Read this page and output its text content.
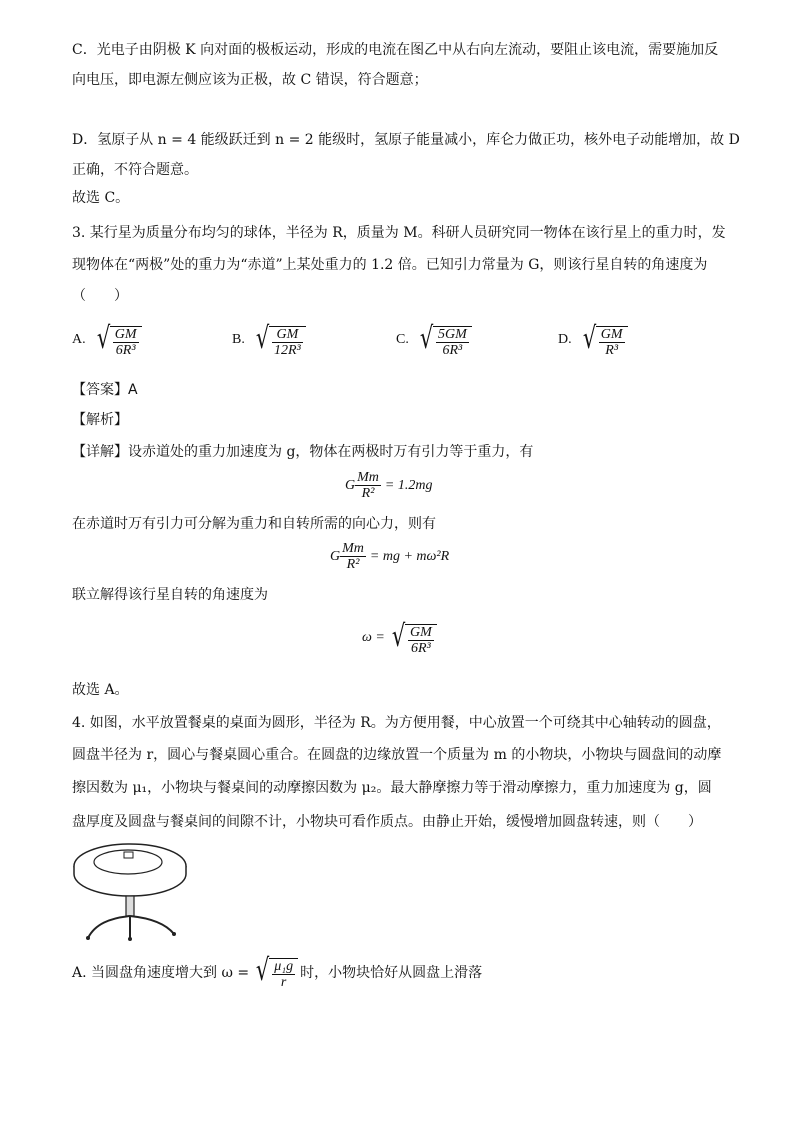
C．光电子由阴极 K 向对面的极板运动，形成的电流在图乙中从右向左流动，要阻止该电流，需要施加反
向电压，即电源左侧应该为正极，故 C 错误，符合题意；
D．氢原子从 n = 4 能级跃迁到 n = 2 能级时，氢原子能量减小，库仑力做正功，核外电子动能增加，故 D
正确，不符合题意。
故选 C。
3. 某行星为质量分布均匀的球体，半径为 R，质量为 M。科研人员研究同一物体在该行星上的重力时，发
现物体在“两极”处的重力为“赤道”上某处重力的 1.2 倍。已知引力常量为 G，则该行星自转的角速度为
（　　）
A. √ $\frac{GM}{\text{6R³}}$	B. √ $\frac{GM}{\text{12R³}}$	C. √ $\frac{5GM}{\text{6R³}}$	D. √ $\frac{GM}{\text{R³}}$
【答案】A
【解析】
【详解】设赤道处的重力加速度为 g，物体在两极时万有引力等于重力，有
G $\frac{Mm}{\text{R²}} = 1.2mg$
在赤道时万有引力可分解为重力和自转所需的向心力，则有
G $\frac{Mm}{\text{R²}}$ = mg + mω²R
联立解得该行星自转的角速度为
ω = √ $\frac{GM}{\text{6R³}}$
故选 A。
4. 如图，水平放置餐桌的桌面为圆形，半径为 R。为方便用餐，中心放置一个可绕其中心轴转动的圆盘，
圆盘半径为 r，圆心与餐桌圆心重合。在圆盘的边缘放置一个质量为 m 的小物块，小物块与圆盘间的动摩
擦因数为 μ₁，小物块与餐桌间的动摩擦因数为 μ₂。最大静摩擦力等于滑动摩擦力，重力加速度为 g，圆
盘厚度及圆盘与餐桌间的间隙不计，小物块可看作质点。由静止开始，缓慢增加圆盘转速，则（　　）
A. 当圆盘角速度增大到 ω = √ $\frac{\text{μ₁g}}{r}$ 时，小物块恰好从圆盘上滑落
